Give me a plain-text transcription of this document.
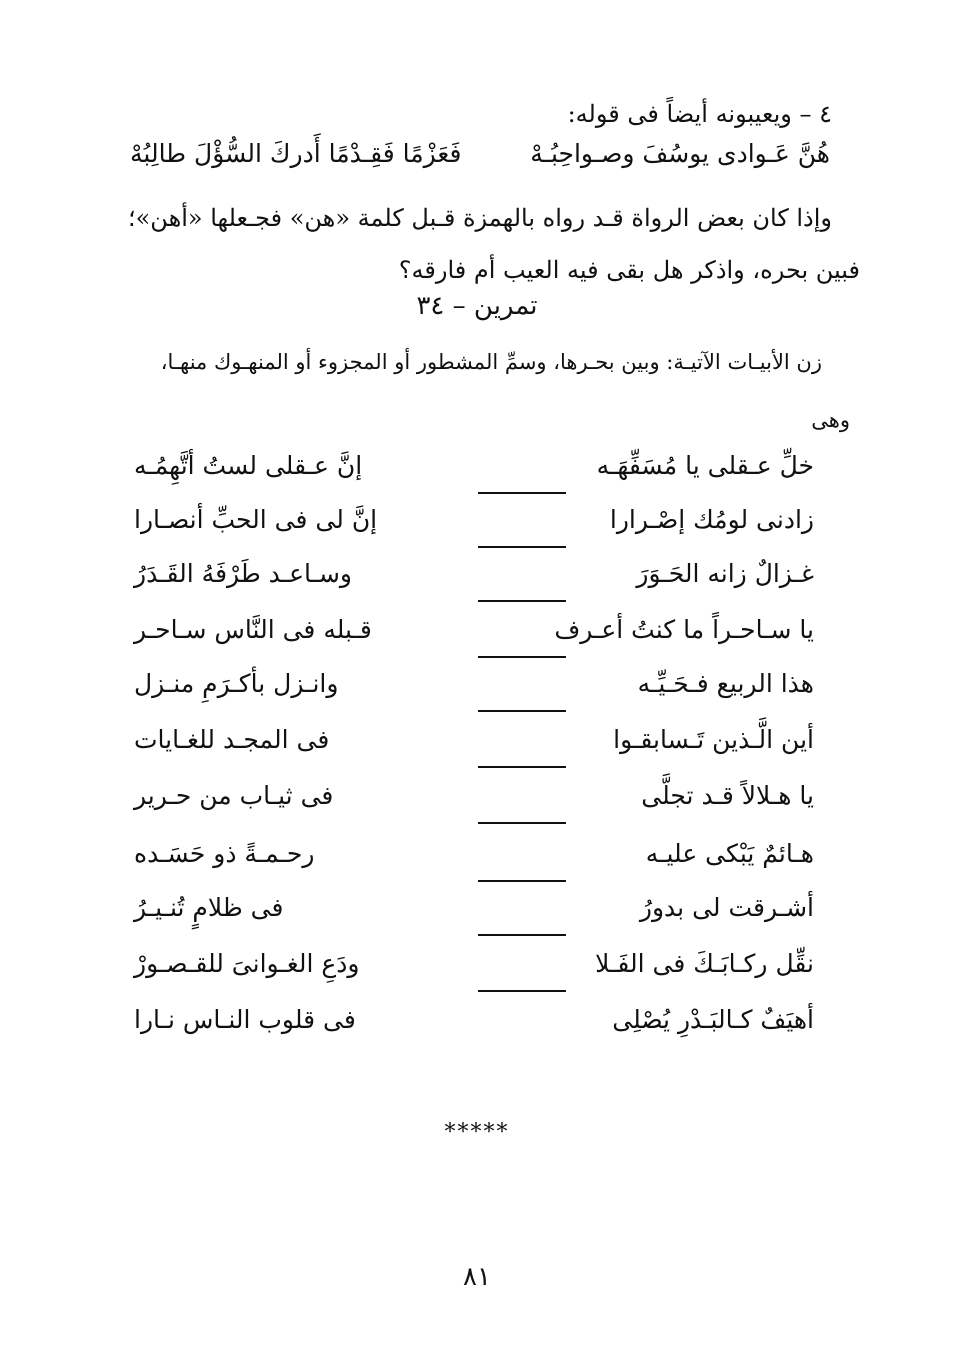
٤ – ويعيبونه أيضاً فى قوله:
هُنَّ عَـوادى يوسُفَ وصـواحِبُـهْ
فَعَزْمًا فَقِـدْمًا أَدركَ السُّؤْلَ طالِبُهْ
وإذا كان بعض الرواة قـد رواه بالهمزة قـبل كلمة «هن» فجـعلها «أهن»؛
فبين بحره، واذكر هل بقى فيه العيب أم فارقه؟
تمرين – ٣٤
زن الأبيـات الآتيـة: وبين بحـرها، وسمِّ المشطور أو المجزوء أو المنهـوك منهـا،
وهى
خلِّ عـقلى يا مُسَفِّهَـه
إنَّ عـقلى لستُ أتَّهِمُـه
زادنى لومُك إصْـرارا
إنَّ لى فى الحبِّ أنصـارا
غـزالٌ زانه الحَـوَرَ
وسـاعـد طَرْفَهُ القَـدَرُ
يا سـاحـراً ما كنتُ أعـرف
قـبله فى النَّاس سـاحـر
هذا الربيع فـحَـيِّـه
وانـزل بأكـرَمِ منـزل
أين الَّـذين تَـسابقـوا
فى المجـد للغـايات
يا هـلالاً قـد تجلَّى
فى ثيـاب من حـرير
هـائمٌ يَبْكى عليـه
رحـمـةً ذو حَسَـده
أشـرقت لى بدورُ
فى ظلامٍ تُنـيـرُ
نقِّل ركـابَـكَ فى الفَـلا
ودَعِ الغـوانىَ للقـصـورْ
أهيَفٌ كـالبَـدْرِ يُصْلِى
فى قلوب النـاس نـارا
*****
٨١
